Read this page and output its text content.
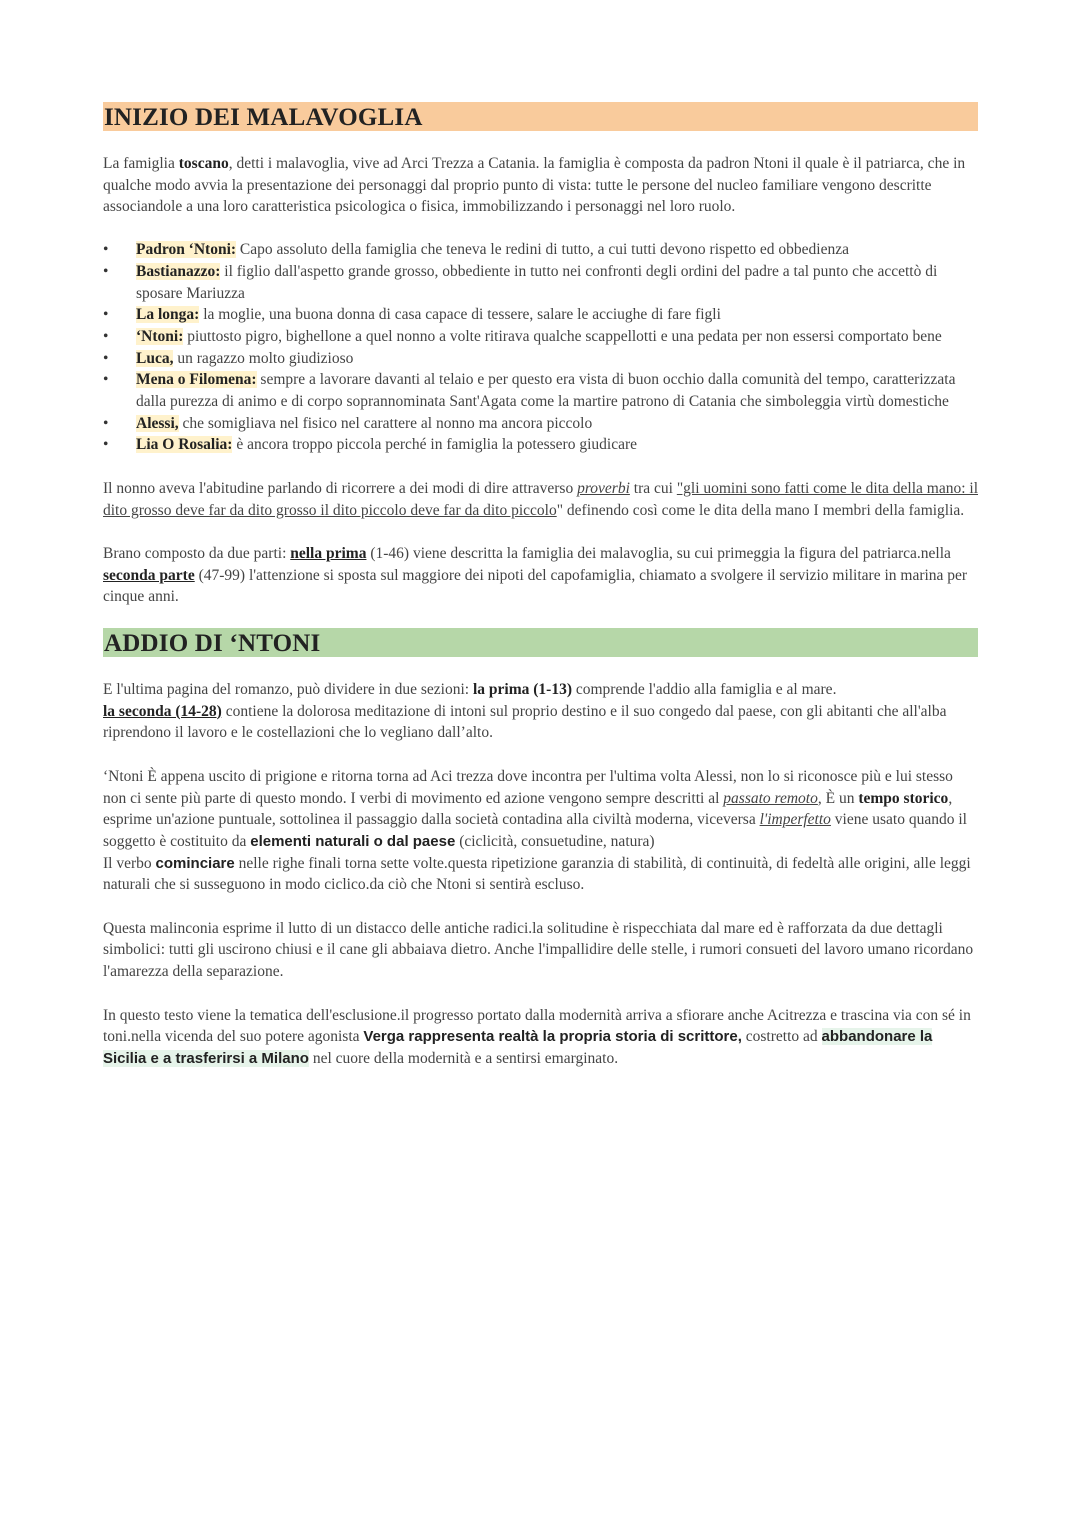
INIZIO DEI MALAVOGLIA

La famiglia toscano, detti i malavoglia, vive ad Arci Trezza a Catania. la famiglia è composta da padron Ntoni il quale è il patriarca, che in qualche modo avvia la presentazione dei personaggi dal proprio punto di vista: tutte le persone del nucleo familiare vengono descritte associandole a una loro caratteristica psicologica o fisica, immobilizzando i personaggi nel loro ruolo.

• Padron ‘Ntoni: Capo assoluto della famiglia che teneva le redini di tutto, a cui tutti devono rispetto ed obbedienza
• Bastianazzo: il figlio dall'aspetto grande grosso, obbediente in tutto nei confronti degli ordini del padre a tal punto che accettò di sposare Mariuzza
• La longa: la moglie, una buona donna di casa capace di tessere, salare le acciughe di fare figli
• ‘Ntoni: piuttosto pigro, bighellone a quel nonno a volte ritirava qualche scappellotti e una pedata per non essersi comportato bene
• Luca, un ragazzo molto giudizioso
• Mena o Filomena: sempre a lavorare davanti al telaio e per questo era vista di buon occhio dalla comunità del tempo, caratterizzata dalla purezza di animo e di corpo soprannominata Sant'Agata come la martire patrono di Catania che simboleggia virtù domestiche
• Alessi, che somigliava nel fisico nel carattere al nonno ma ancora piccolo
• Lia O Rosalia: è ancora troppo piccola perché in famiglia la potessero giudicare

Il nonno aveva l'abitudine parlando di ricorrere a dei modi di dire attraverso proverbi tra cui "gli uomini sono fatti come le dita della mano: il dito grosso deve far da dito grosso il dito piccolo deve far da dito piccolo" definendo così come le dita della mano I membri della famiglia.

Brano composto da due parti: nella prima (1-46) viene descritta la famiglia dei malavoglia, su cui primeggia la figura del patriarca.nella seconda parte (47-99) l'attenzione si sposta sul maggiore dei nipoti del capofamiglia, chiamato a svolgere il servizio militare in marina per cinque anni.

ADDIO DI ‘NTONI

E l'ultima pagina del romanzo, può dividere in due sezioni: la prima (1-13) comprende l'addio alla famiglia e al mare.
la seconda (14-28) contiene la dolorosa meditazione di intoni sul proprio destino e il suo congedo dal paese, con gli abitanti che all'alba riprendono il lavoro e le costellazioni che lo vegliano dall’alto.

‘Ntoni È appena uscito di prigione e ritorna torna ad Aci trezza dove incontra per l'ultima volta Alessi, non lo si riconosce più e lui stesso non ci sente più parte di questo mondo. I verbi di movimento ed azione vengono sempre descritti al passato remoto, È un tempo storico, esprime un'azione puntuale, sottolinea il passaggio dalla società contadina alla civiltà moderna, viceversa l'imperfetto viene usato quando il soggetto è costituito da elementi naturali o dal paese (ciclicità, consuetudine, natura)
Il verbo cominciare nelle righe finali torna sette volte.questa ripetizione garanzia di stabilità, di continuità, di fedeltà alle origini, alle leggi naturali che si susseguono in modo ciclico.da ciò che Ntoni si sentirà escluso.

Questa malinconia esprime il lutto di un distacco delle antiche radici.la solitudine è rispecchiata dal mare ed è rafforzata da due dettagli simbolici: tutti gli uscirono chiusi e il cane gli abbaiava dietro. Anche l'impallidire delle stelle, i rumori consueti del lavoro umano ricordano l'amarezza della separazione.

In questo testo viene la tematica dell'esclusione.il progresso portato dalla modernità arriva a sfiorare anche Acitrezza e trascina via con sé in toni.nella vicenda del suo potere agonista Verga rappresenta realtà la propria storia di scrittore, costretto ad abbandonare la Sicilia e a trasferirsi a Milano nel cuore della modernità e a sentirsi emarginato.
